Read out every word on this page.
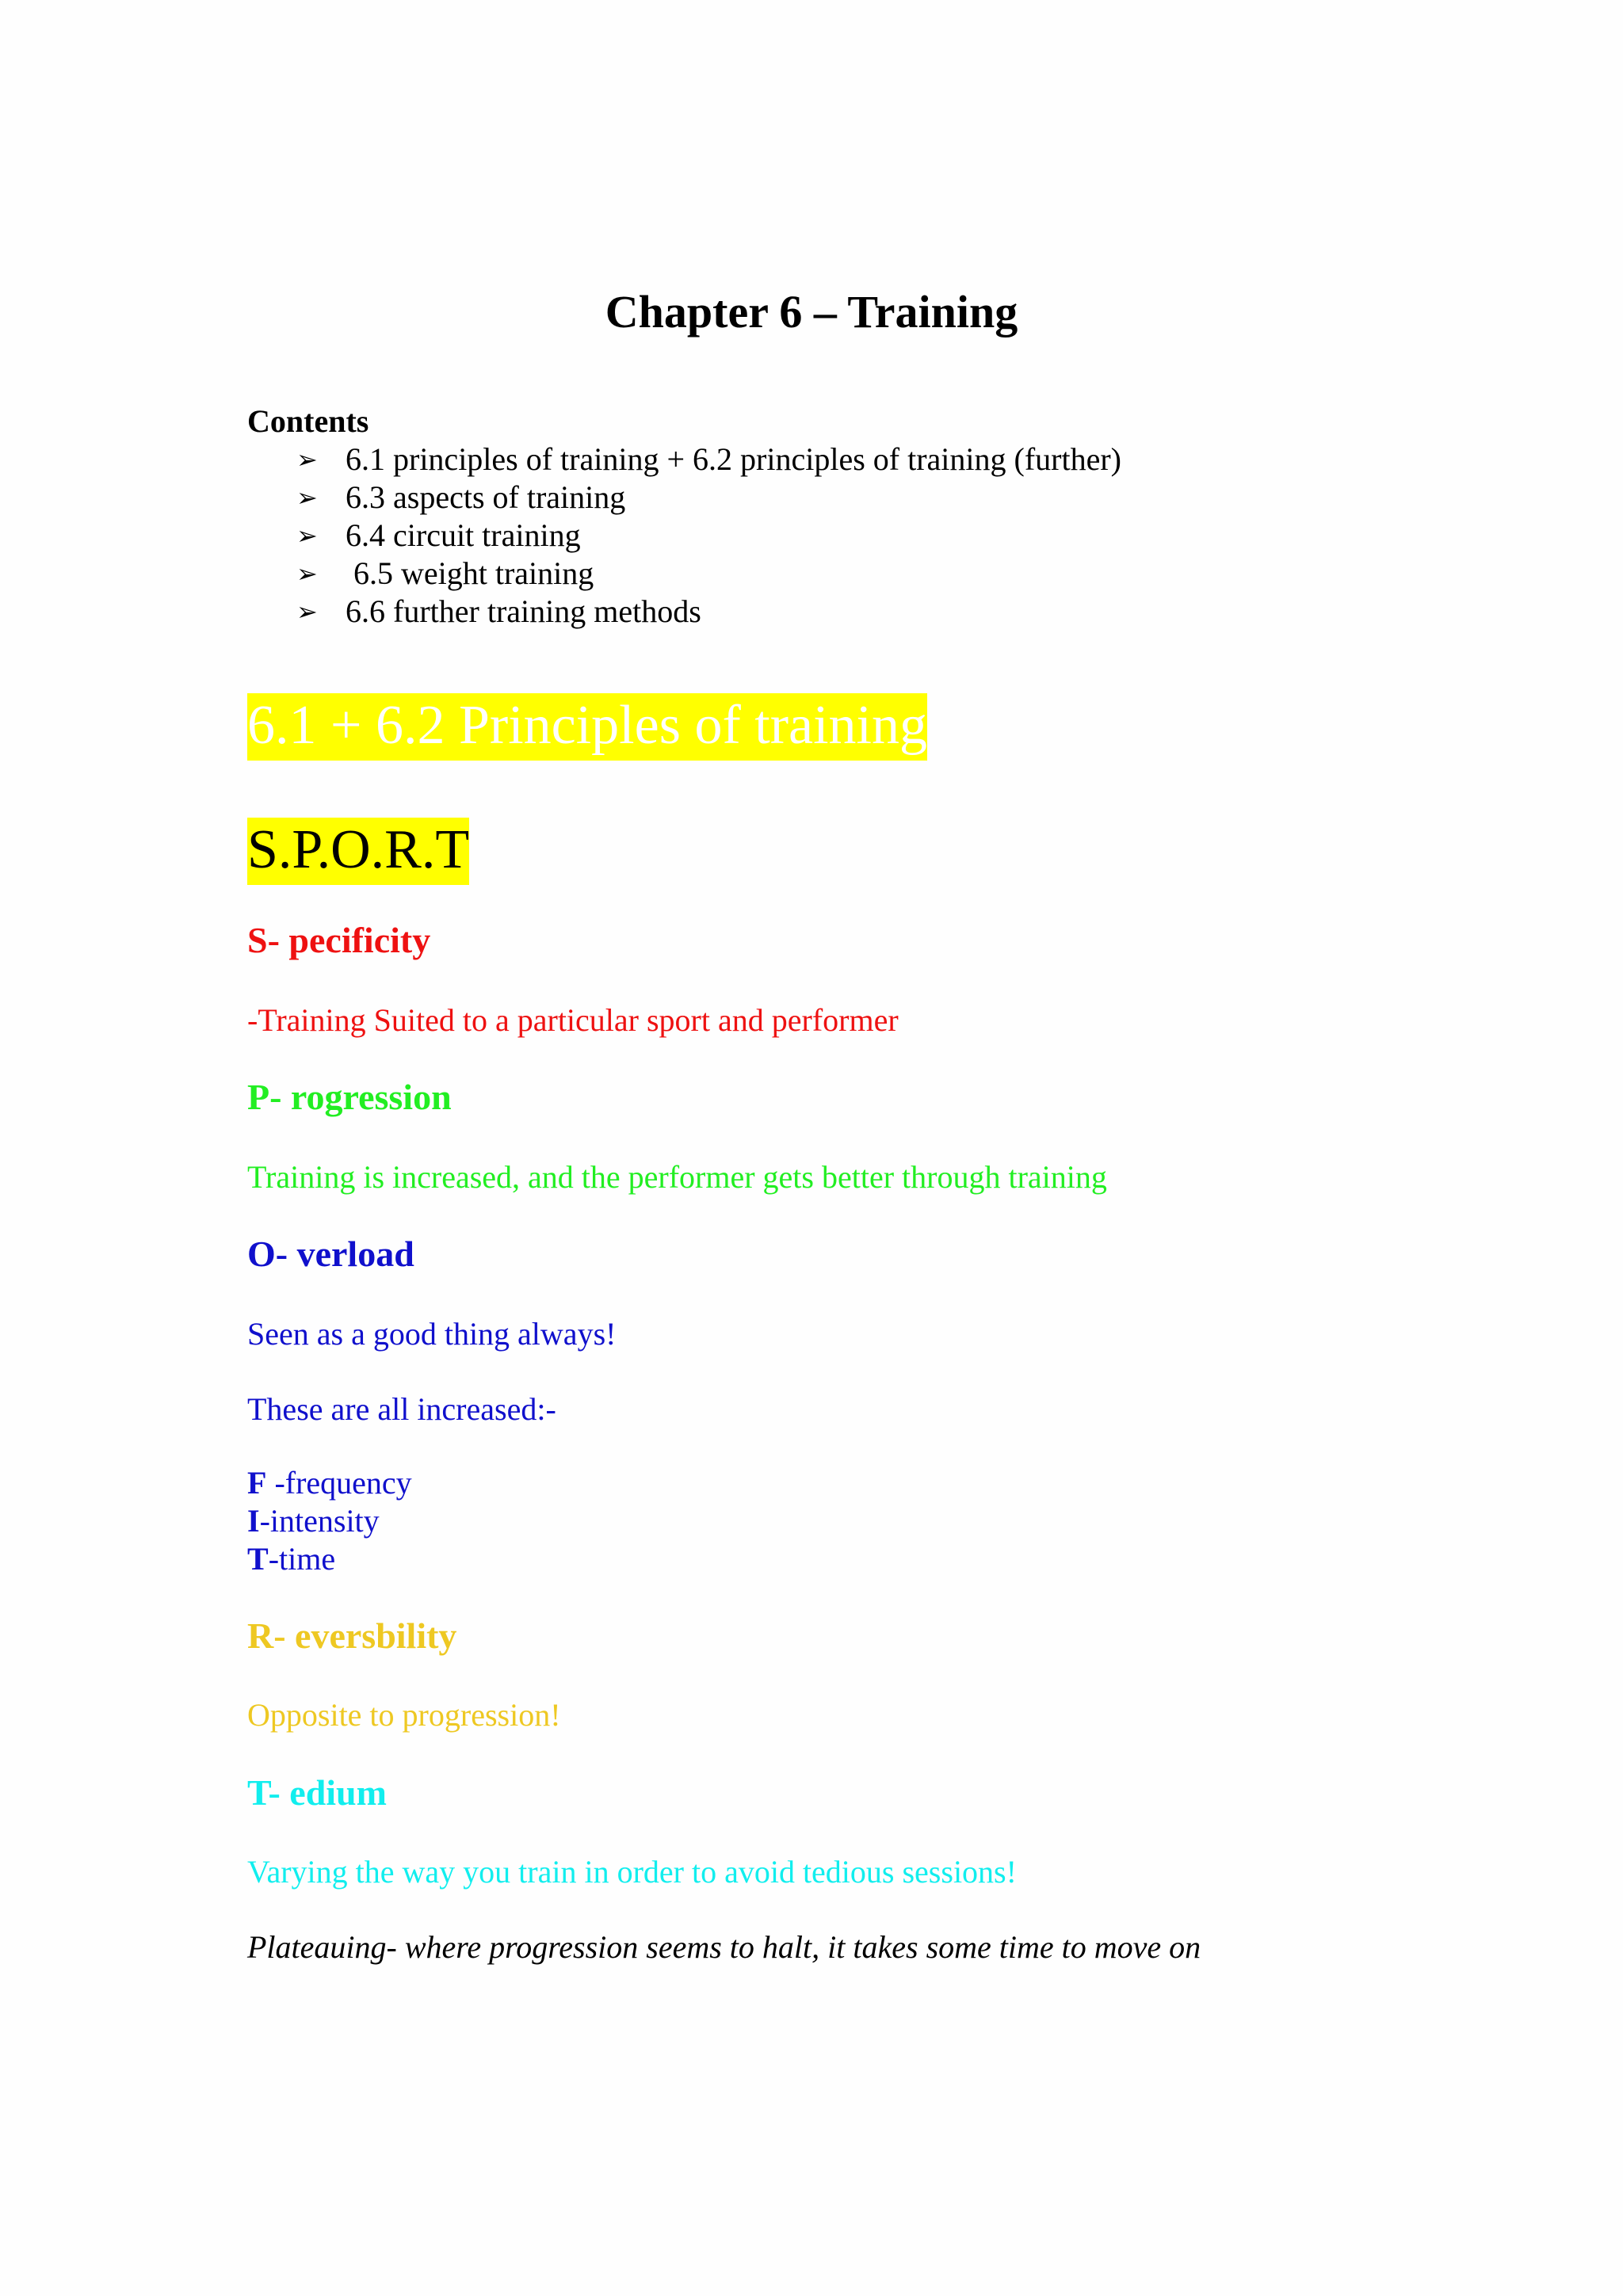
Chapter 6 – Training
Contents
➢ 6.1 principles of training + 6.2 principles of training (further)
➢ 6.3 aspects of training
➢ 6.4 circuit training
➢ 6.5 weight training
➢ 6.6 further training methods
6.1 + 6.2 Principles of training
S.P.O.R.T
S- pecificity
-Training Suited to a particular sport and performer
P- rogression
Training is increased, and the performer gets better through training
O- verload
Seen as a good thing always!
These are all increased:-
F -frequency
I-intensity
T-time
R- eversbility
Opposite to progression!
T- edium
Varying the way you train in order to avoid tedious sessions!
Plateauing- where progression seems to halt, it takes some time to move on
